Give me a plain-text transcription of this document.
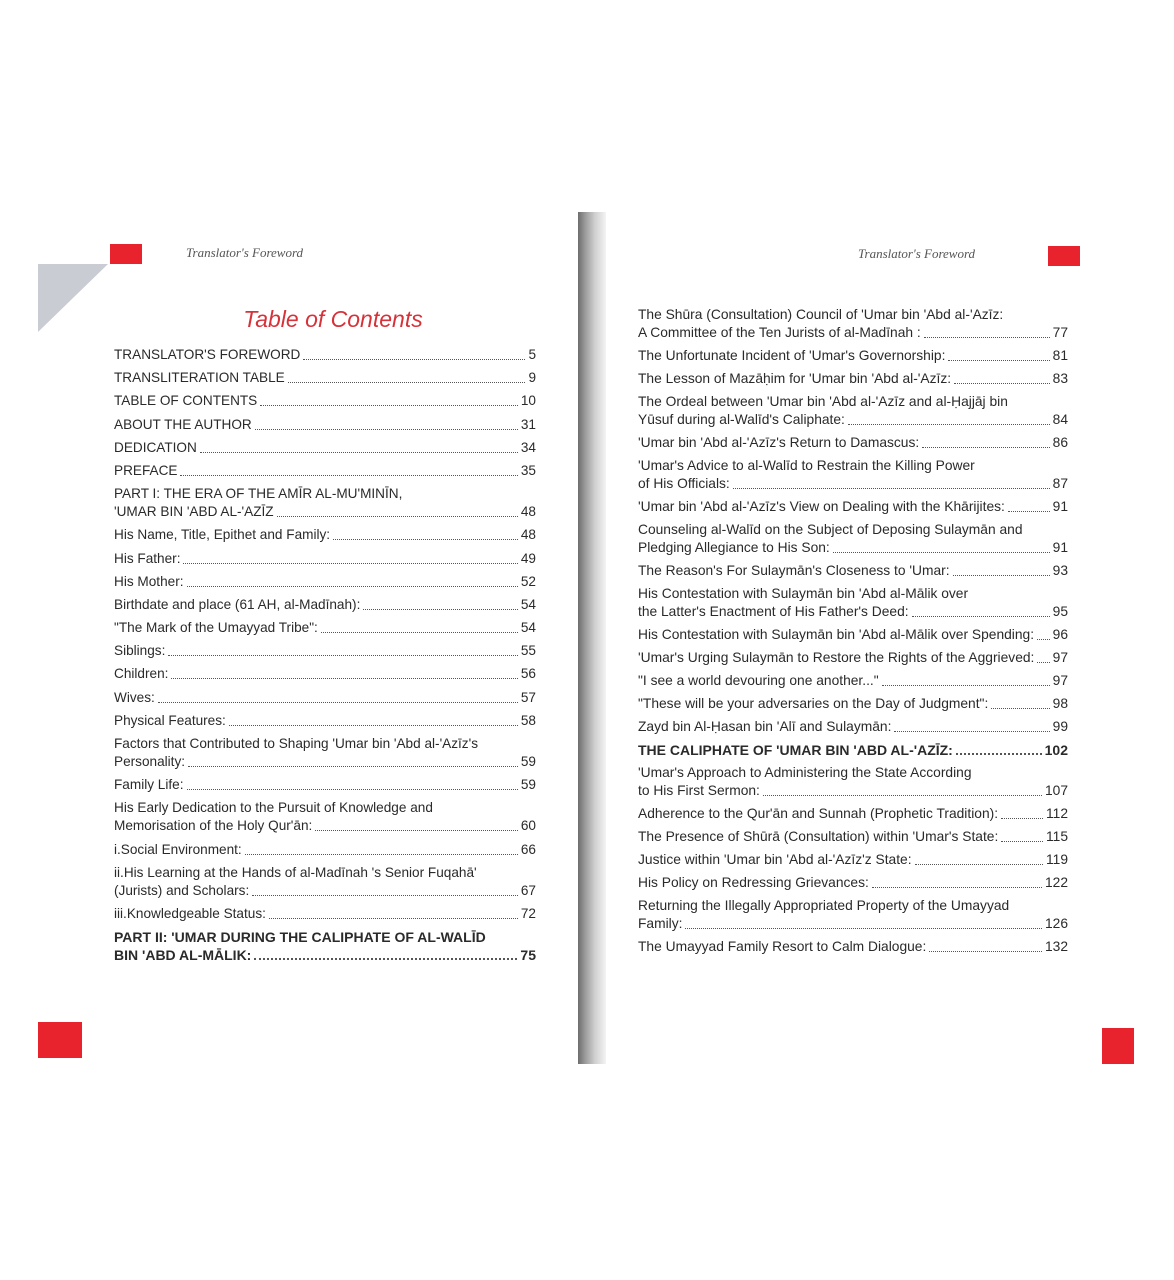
Translator's Foreword	Translator's Foreword
Table of Contents
TRANSLATOR'S FOREWORD	5
TRANSLITERATION TABLE	9
TABLE OF CONTENTS	10
ABOUT THE AUTHOR	31
DEDICATION	34
PREFACE	35
PART I: THE ERA OF THE AMĪR AL-MU'MINĪN,
'UMAR BIN 'ABD AL-'AZĪZ	48
His Name, Title, Epithet and Family:	48
His Father:	49
His Mother:	52
Birthdate and place (61 AH, al-Madīnah):	54
"The Mark of the Umayyad Tribe":	54
Siblings:	55
Children:	56
Wives:	57
Physical Features:	58
Factors that Contributed to Shaping 'Umar bin 'Abd al-'Azīz's
Personality:	59
Family Life:	59
His Early Dedication to the Pursuit of Knowledge and
Memorisation of the Holy Qur'ān:	60
i.Social Environment:	66
ii.His Learning at the Hands of al-Madīnah 's Senior Fuqahā'
(Jurists) and Scholars:	67
iii.Knowledgeable Status:	72
PART II: 'UMAR DURING THE CALIPHATE OF AL-WALĪD
BIN 'ABD AL-MĀLIK:	75
The Shūra (Consultation) Council of 'Umar bin 'Abd al-'Azīz:
A Committee of the Ten Jurists of al-Madīnah :	77
The Unfortunate Incident of 'Umar's Governorship:	81
The Lesson of Mazāḥim for 'Umar bin 'Abd al-'Azīz:	83
The Ordeal between 'Umar bin 'Abd al-'Azīz and al-Ḥajjāj bin
Yūsuf during al-Walīd's Caliphate:	84
'Umar bin 'Abd al-'Azīz's Return to Damascus:	86
'Umar's Advice to al-Walīd to Restrain the Killing Power
of His Officials:	87
'Umar bin 'Abd al-'Azīz's View on Dealing with the Khārijites:	91
Counseling al-Walīd on the Subject of Deposing Sulaymān and
Pledging Allegiance to His Son:	91
The Reason's For Sulaymān's Closeness to 'Umar:	93
His Contestation with Sulaymān bin 'Abd al-Mālik over
the Latter's Enactment of His Father's Deed:	95
His Contestation with Sulaymān bin 'Abd al-Mālik over Spending: 96
'Umar's Urging Sulaymān to Restore the Rights of the Aggrieved: 97
"I see a world devouring one another..."	97
"These will be your adversaries on the Day of Judgment":	98
Zayd bin Al-Ḥasan bin 'Alī and Sulaymān:	99
THE CALIPHATE OF 'UMAR BIN 'ABD AL-'AZĪZ:	102
'Umar's Approach to Administering the State According
to His First Sermon:	107
Adherence to the Qur'ān and Sunnah (Prophetic Tradition):	112
The Presence of Shūrā (Consultation) within 'Umar's State:	115
Justice within 'Umar bin 'Abd al-'Azīz'z State:	119
His Policy on Redressing Grievances:	122
Returning the Illegally Appropriated Property of the Umayyad
Family:	126
The Umayyad Family Resort to Calm Dialogue:	132
